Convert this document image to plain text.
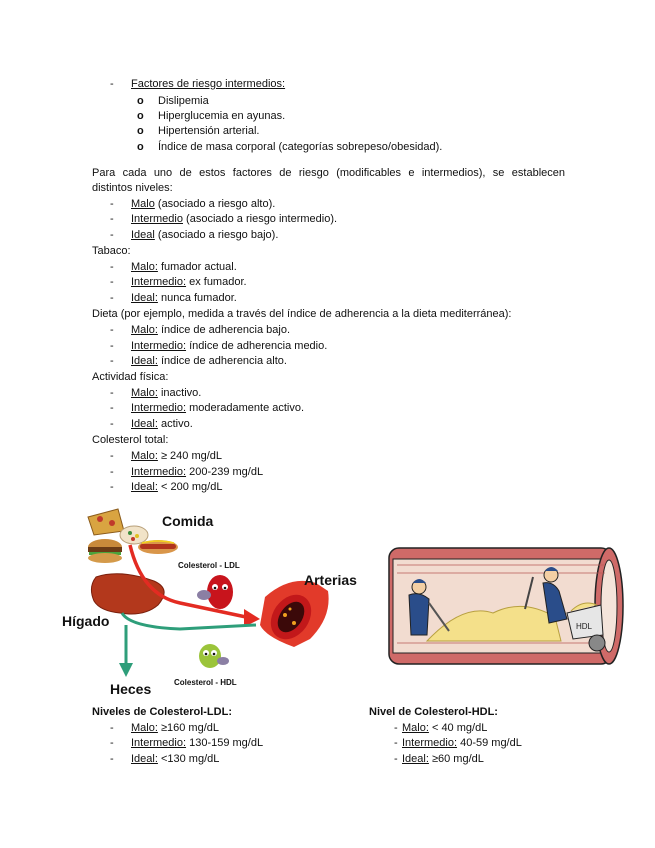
- Factores de riesgo intermedios:
o Dislipemia
o Hiperglucemia en ayunas.
o Hipertensión arterial.
o Índice de masa corporal (categorías sobrepeso/obesidad).
Para cada uno de estos factores de riesgo (modificables e intermedios), se establecen
distintos niveles:
- Malo (asociado a riesgo alto).
- Intermedio (asociado a riesgo intermedio).
- Ideal (asociado a riesgo bajo).
Tabaco:
- Malo: fumador actual.
- Intermedio: ex fumador.
- Ideal: nunca fumador.
Dieta (por ejemplo, medida a través del índice de adherencia a la dieta mediterránea):
- Malo: índice de adherencia bajo.
- Intermedio: índice de adherencia medio.
- Ideal: índice de adherencia alto.
Actividad física:
- Malo: inactivo.
- Intermedio: moderadamente activo.
- Ideal: activo.
Colesterol total:
- Malo: ≥ 240 mg/dL
- Intermedio: 200-239 mg/dL
- Ideal: < 200 mg/dL
Comida
Hígado
Heces
Colesterol - LDL
Arterias
Colesterol - HDL
HDL
Niveles de Colesterol-LDL:
- Malo: ≥160 mg/dL
- Intermedio: 130-159 mg/dL
- Ideal: <130 mg/dL
Nivel de Colesterol-HDL:
- Malo: < 40 mg/dL
- Intermedio: 40-59 mg/dL
- Ideal: ≥60 mg/dL
